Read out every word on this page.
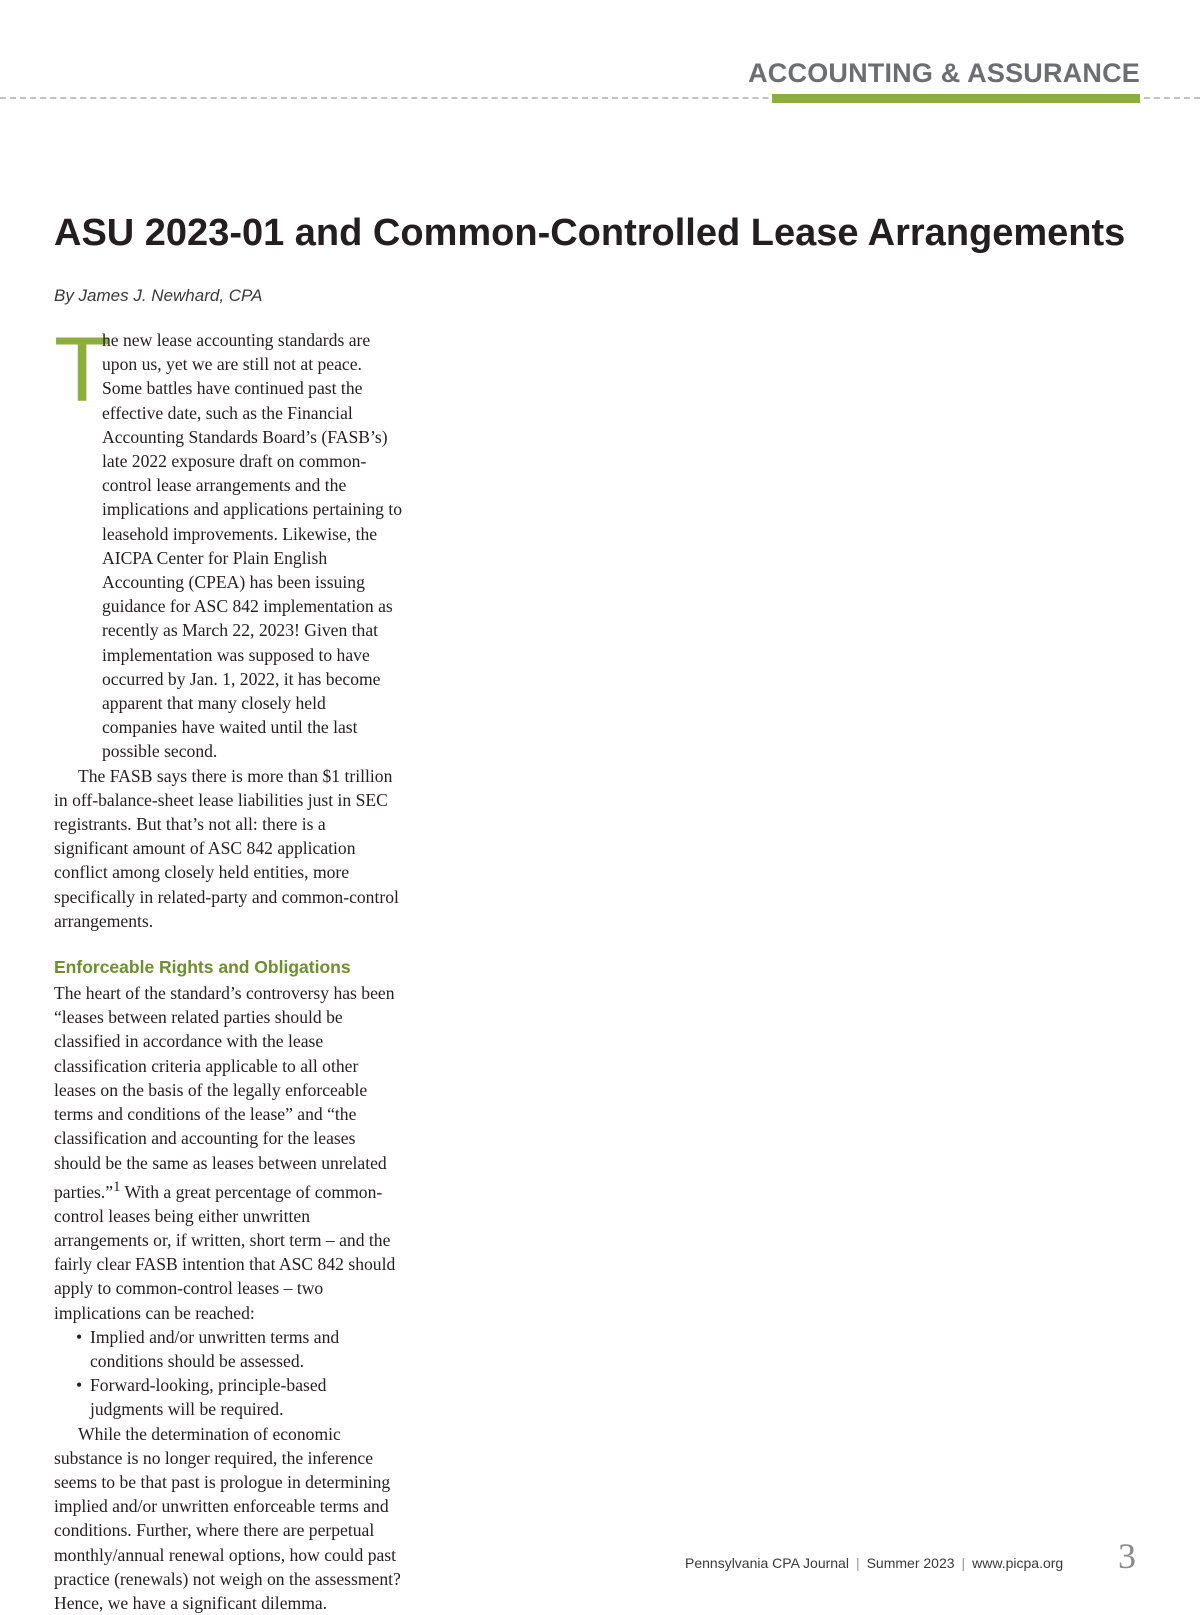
ACCOUNTING & ASSURANCE
ASU 2023-01 and Common-Controlled Lease Arrangements

By James J. Newhard, CPA

T

he new lease accounting standards are upon us, yet we are still not at peace. Some battles have continued past the effective date, such as the Financial Accounting Standards Board’s (FASB’s) late 2022 exposure draft on common-control lease arrangements and the implications and applications pertaining to leasehold improvements. Likewise, the AICPA Center for Plain English Accounting (CPEA) has been issuing guidance for ASC 842 implementation as recently as March 22, 2023! Given that implementation was supposed to have occurred by Jan. 1, 2022, it has become apparent that many closely held companies have waited until the last possible second.

The FASB says there is more than $1 trillion in off-balance-sheet lease liabilities just in SEC registrants. But that’s not all: there is a significant amount of ASC 842 application conflict among closely held entities, more specifically in related-party and common-control arrangements.

Enforceable Rights and Obligations

The heart of the standard’s controversy has been “leases between related parties should be classified in accordance with the lease classification criteria applicable to all other leases on the basis of the legally enforceable terms and conditions of the lease” and “the classification and accounting for the leases should be the same as leases between unrelated parties.”$^1$ With a great percentage of common-control leases being either unwritten arrangements or, if written, short term – and the fairly clear FASB intention that ASC 842 should apply to common-control leases – two implications can be reached:

• Implied and/or unwritten terms and conditions should be assessed.
• Forward-looking, principle-based judgments will be required.

While the determination of economic substance is no longer required, the inference seems to be that past is prologue in determining implied and/or unwritten enforceable terms and conditions. Further, where there are perpetual monthly/annual renewal options, how could past practice (renewals) not weigh on the assessment? Hence, we have a significant dilemma.

Pennsylvania CPA Journal | Summer 2023 | www.picpa.org 3
